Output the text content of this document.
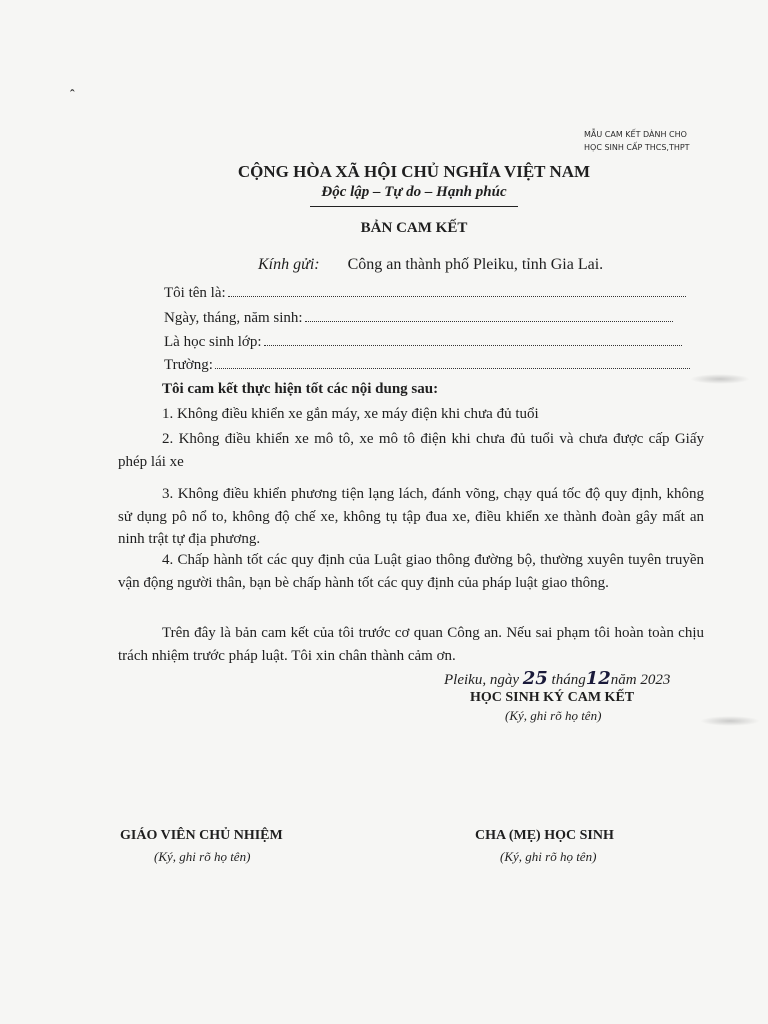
ˆ
MẪU CAM KẾT DÀNH CHO
HỌC SINH CẤP THCS,THPT
CỘNG HÒA XÃ HỘI CHỦ NGHĨA VIỆT NAM
Độc lập – Tự do – Hạnh phúc
BẢN CAM KẾT
Kính gửi: Công an thành phố Pleiku, tỉnh Gia Lai.
Tôi tên là:
Ngày, tháng, năm sinh:
Là học sinh lớp:
Trường:
Tôi cam kết thực hiện tốt các nội dung sau:
1. Không điều khiển xe gắn máy, xe máy điện khi chưa đủ tuổi
2. Không điều khiển xe mô tô, xe mô tô điện khi chưa đủ tuổi và chưa được cấp Giấy phép lái xe
3. Không điều khiển phương tiện lạng lách, đánh võng, chạy quá tốc độ quy định, không sử dụng pô nổ to, không độ chế xe, không tụ tập đua xe, điều khiển xe thành đoàn gây mất an ninh trật tự địa phương.
4. Chấp hành tốt các quy định của Luật giao thông đường bộ, thường xuyên tuyên truyền vận động người thân, bạn bè chấp hành tốt các quy định của pháp luật giao thông.
Trên đây là bản cam kết của tôi trước cơ quan Công an. Nếu sai phạm tôi hoàn toàn chịu trách nhiệm trước pháp luật. Tôi xin chân thành cảm ơn.
Pleiku, ngày 25 tháng12năm 2023
HỌC SINH KÝ CAM KẾT
(Ký, ghi rõ họ tên)
GIÁO VIÊN CHỦ NHIỆM
(Ký, ghi rõ họ tên)
CHA (MẸ) HỌC SINH
(Ký, ghi rõ họ tên)
